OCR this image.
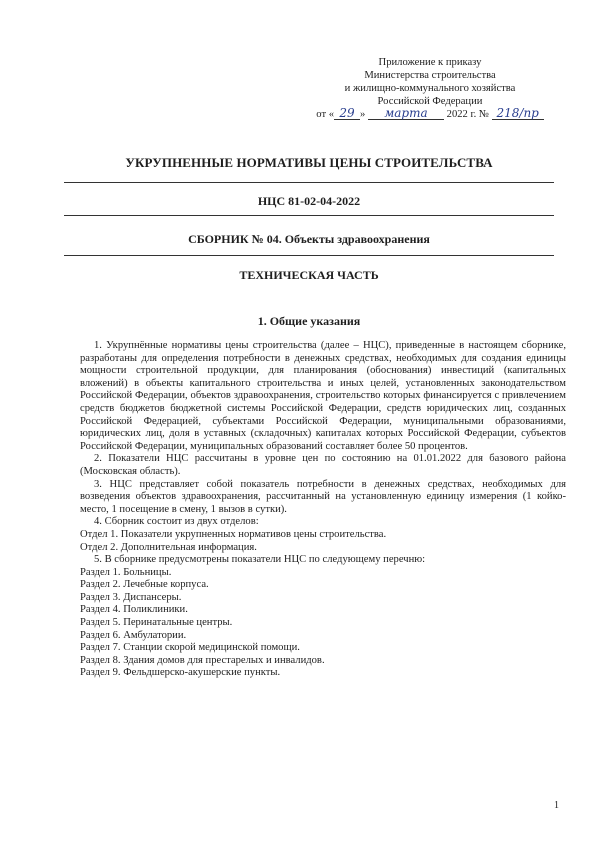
Приложение к приказу
Министерства строительства
и жилищно-коммунального хозяйства
Российской Федерации
от « 29 » марта 2022 г. № 218/пр
УКРУПНЕННЫЕ НОРМАТИВЫ ЦЕНЫ СТРОИТЕЛЬСТВА
НЦС 81-02-04-2022
СБОРНИК № 04. Объекты здравоохранения
ТЕХНИЧЕСКАЯ ЧАСТЬ
1. Общие указания

1. Укрупнённые нормативы цены строительства (далее – НЦС), приведенные в настоящем сборнике, разработаны для определения потребности в денежных средствах, необходимых для создания единицы мощности строительной продукции, для планирования (обоснования) инвестиций (капитальных вложений) в объекты капитального строительства и иных целей, установленных законодательством Российской Федерации, объектов здравоохранения, строительство которых финансируется с привлечением средств бюджетов бюджетной системы Российской Федерации, средств юридических лиц, созданных Российской Федерацией, субъектами Российской Федерации, муниципальными образованиями, юридических лиц, доля в уставных (складочных) капиталах которых Российской Федерации, субъектов Российской Федерации, муниципальных образований составляет более 50 процентов.

2. Показатели НЦС рассчитаны в уровне цен по состоянию на 01.01.2022 для базового района (Московская область).

3. НЦС представляет собой показатель потребности в денежных средствах, необходимых для возведения объектов здравоохранения, рассчитанный на установленную единицу измерения (1 койко-место, 1 посещение в смену, 1 вызов в сутки).

4. Сборник состоит из двух отделов:

Отдел 1. Показатели укрупненных нормативов цены строительства.

Отдел 2. Дополнительная информация.

5. В сборнике предусмотрены показатели НЦС по следующему перечню:

Раздел 1. Больницы.

Раздел 2. Лечебные корпуса.

Раздел 3. Диспансеры.

Раздел 4. Поликлиники.

Раздел 5. Перинатальные центры.

Раздел 6. Амбулатории.

Раздел 7. Станции скорой медицинской помощи.

Раздел 8. Здания домов для престарелых и инвалидов.

Раздел 9. Фельдшерско-акушерские пункты.

1
